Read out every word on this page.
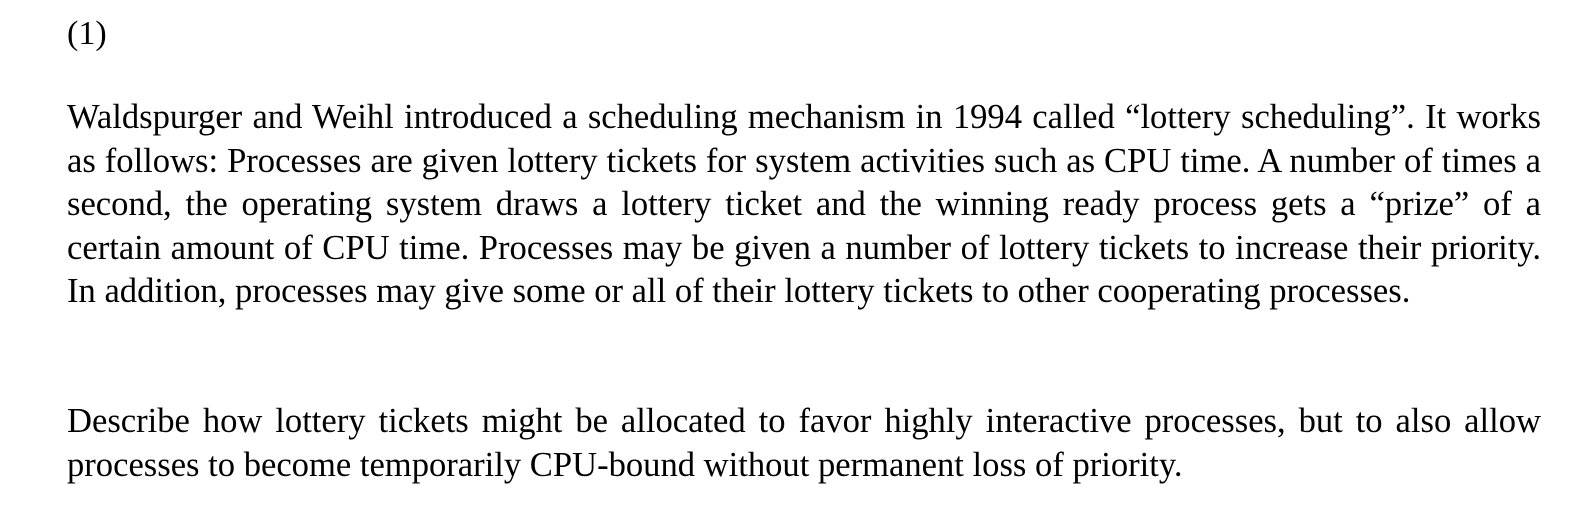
(1)

Waldspurger and Weihl introduced a scheduling mechanism in 1994 called “lottery scheduling”. It works as follows: Processes are given lottery tickets for system activities such as CPU time. A number of times a second, the operating system draws a lottery ticket and the winning ready process gets a “prize” of a certain amount of CPU time. Processes may be given a number of lottery tickets to increase their priority. In addition, processes may give some or all of their lottery tickets to other cooperating processes.

Describe how lottery tickets might be allocated to favor highly interactive processes, but to also allow processes to become temporarily CPU-bound without permanent loss of priority.
